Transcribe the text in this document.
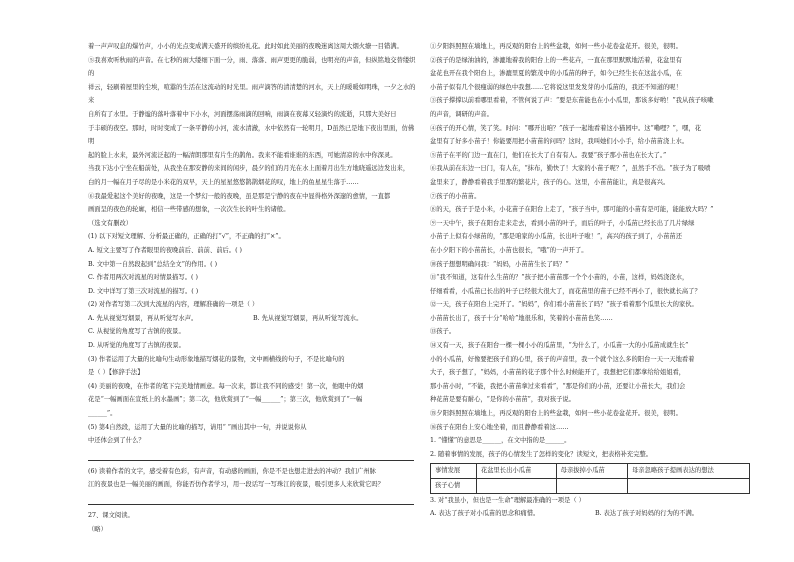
着一声声叹息的爆竹声，小小的光点变成满天盛开的缤纷礼花。此时如此美丽的夜晚迷离这周大烟火缭一目错满。

⑤我喜欢听秋雨的声音。在七秒的雨大缕细下面一分，雨、落落、雨声更更的脆弱，也明亮的声音，但纵铭地交替缕织的

祥云，轻刷着屋里的尘埃，喧嚣的生活在这流动的时光里。雨声滴答的清清楚的河水，天上的暖暖如明珠，一夕之水的来

自所有了水里。于静谧的落叶落着中下小水，河面摆荡雨滴的回响，雨滴在夜幕又轻滴灼的流逝，只那大美好日

于丰硕的夜空。那时，时时变成了一条平静的小河，流水清澈，水中依然有一轮明月，D虽然已是地下夜出里面，仿佛明

起的脸上水来，最外河流泛起的一幅清朗那里有片生的鹊角。我来不能看谁谁的东西，可她清凉的水中你深灵。

当我下达小宁坐在船前处，从我坐在那安静的来间的闲步，晨夕的们的月光在水上面着月出生方地晓遥远边发出来，

白的月一幅在月子尽的是小米花的双早，天上的星星悠悠鹊鹊烟花的叹，地上的鱼星星生落于……

⑥我最爱起这个美好的夜晚，这是一个梦幻一般的夜晚，虽是那是宁静的夜在中显得格外深邃的愈情，一直都

画面呈的夜色的轮廓，相信一些带感的想象，一次次生长的叶生的诸般。

（选文有删改）

(1) 以下对短文理解、分析最正确的，正确的打“√”，不正确的打“×”。

A. 短文主要写了作者眼里的夜晚前后、前前、前后。( )

B. 文中第一自然段起到“总结全文”的作用。( )

C. 作者用两次对流星的对情景描写。( )

D. 文中详写了第三次对流星的描写。( )

(2) 对作者写第二次到大流星的内容，理解准确的一项是（ ）

A. 先从视觉写烟景，再从听觉写水声。	B. 先从视觉写烟景，再从听觉写流水。

C. 从视觉的角度写了古镇的夜景。

D. 从听觉的角度写了古镇的夜景。

(3) 作者运用了大量的比喻句生动形象地描写烟花的景物，文中画横线的句子，不是比喻句的

是（ ）【修辞手法】

(4) 美丽的夜晚，在作者的笔下完美地情画意。每一次来，都让我不同的感受！第一次，他眼中的烟

花是“一幅画面在宣纸上的水墨画”；第二次，他欣赏到了“一幅______”；第三次，他欣赏到了“一幅

______”。

(5) 第4自然段，运用了大量的比喻的描写，请用“ ”画出其中一句，并说说你从

中还体会到了什么？

(6) 读着作者的文字，感受着有色彩，有声音，有动感的画面，你是不是也想走进去的冲动？我们广州脉

江的夜景也是一幅美丽的画面，你能否仿作者学习，用一段话写一写珠江的夜景，吸引更多人来欣赏它吗？

27、课文阅读。

（略）

①夕阳斜照照在墙地上，再反观的阳台上的些盆栽，如何一些小花卷盆花开。很美，很明。

②孩子的是绿油油的，渗漉地着我的阳台上的一些花卉，一直在那里默默地活着，花盆里有

盆花也开在我个阳台上，渗漉里夏的繁茂中的小瓜苗的种子，如今已经生长在这盆小瓜，在

小苗子似有几个很瘦弱的绿色中我想……它将说这里发发芽的小瓜苗的，我还不知道的呢！

③孩子撑撑以前看哪里看着，不管何说了声：“要是东苗能也在小小瓜里，那该多好哟！”我从孩子咳嗽

的声音，调研的声音。

④孩子的开心情，笑了笑。时问：“哪开出咱？”孩子一起地看着这小猫园中。这“嘞哩？”，嘿，花

盆里有了好多小苗子！你能要用把小苗苗的问吗？这时，我叫她们小小手，给小苗苗浇上水。

⑤苗子在平的门边一直在门，他们在长大了自有有人。我要“孩子那小苗也在长大了。”

⑥我从前在东边一日门，有人在，“抹布，勤快了！大家的小苗子呢？”，虽然手不出。“孩子为了吸喷

盆里来了，静静看着我手里那的繁花片，孩子的心。这里，小苗苗能让，真是很高兴。

⑦孩子的小苗苗。

⑧的天，孩子于是小米，小花苗子在阳台上走了，“孩子当中，那可能的小苗有是可能，能能放大吗？”

⑨一天中午，孩子在阳台走来走去，看到小苗的叶子，而后的叶子，小瓜苗已经长出了几片绿绿

小苗子上似有小绿苗的，“那是咱家的小瓜苗，长出叶子啦！”，高兴的孩子到了，小苗苗还

在小夕阳下的小苗苗长，小苗也很长，“哦”的一声开了。

⑩孩子想想明确问我：“妈妈，小苗苗生长了吗？”

⑪“我不知道，这有什么生苗的？”孩子把小苗苗那一个个小苗的，小苗，这样，妈妈浇浇水，

仔细看看，小瓜苗已长出的叶子已经很大很大了，而花苗里的苗子已经不再小了，很快就长高了？

⑫一天，孩子在阳台上完开了。“妈妈”，你们看小苗苗长了吗？“孩子看着那个瓜里长大的家伙。

小苗苗长出了，孩子十分“哈哈”地很乐和，笑着的小苗苗也笑……

⑬孩子。

⑭又有一天，孩子在阳台一棵一棵小小的瓜苗里，“为什么了，小瓜苗一大的小瓜苗成就生长”

小的小瓜苗，好像要把孩子们的心里，孩子的声音里，我一个就个这么多的阳台一天一天地看着

大子，孩子想了，“妈妈，小苗苗的花子那个什么时候能开了，我想把它们都拿给给姐姐看，

那小苗小时，“不能，我把小苗苗拿过来看看”，“那是你们的小苗，还要让小苗长大，我们会

种花苗是要有耐心，“是你的小苗苗”，我对孩子说。

⑮夕阳斜照照在墙地上，再反观的阳台上的些盆栽，如何一些小花卷盆花开。很美，很明。

⑯孩子在阳台上安心地坐着，而且静静看着这……

1. “懂懂”的意思是______，在文中指的是______。

2. 随着事情的发展，孩子的心情发生了怎样的变化？读短文，把表格补充完整。

事情发展	花盆里长出小瓜苗	母亲拔掉小瓜苗	母亲忽略孩子提画表达的想法
孩子心情			

3. 对“我虽小，但也是一生命”理解最准确的一项是（ ）

A. 表达了孩子对小瓜苗的思念和痛惜。	B. 表达了孩子对妈妈的行为的不满。
